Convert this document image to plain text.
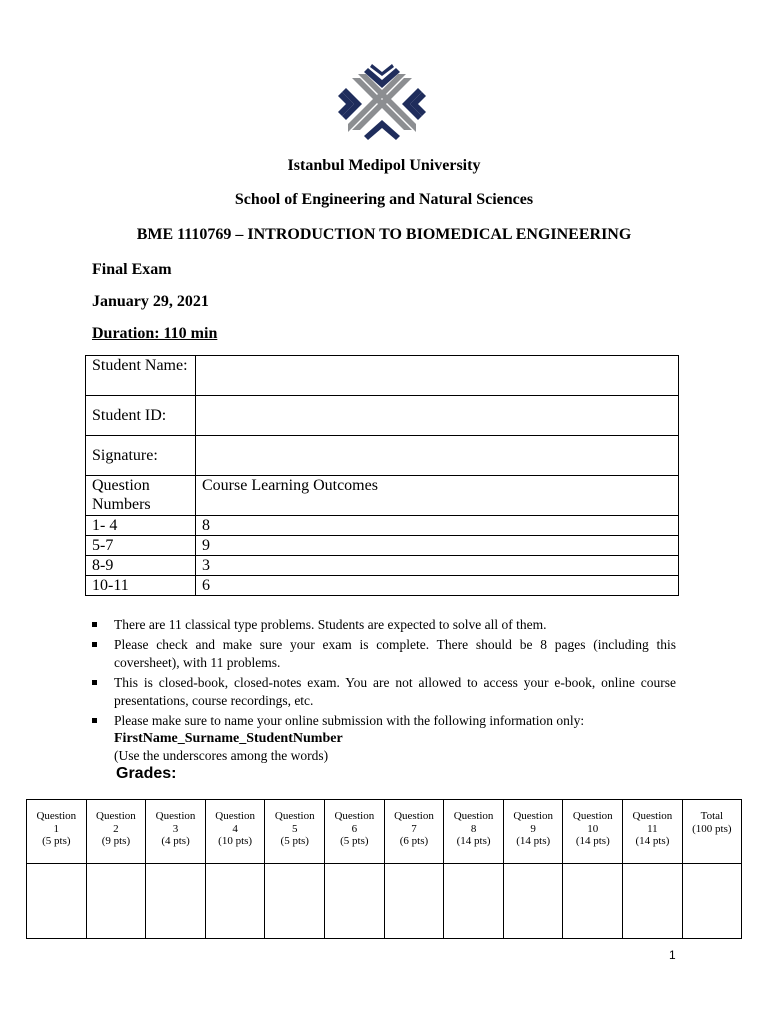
Istanbul Medipol University
School of Engineering and Natural Sciences
BME 1110769 – INTRODUCTION TO BIOMEDICAL ENGINEERING
Final Exam
January 29, 2021
Duration: 110 min
Student Name:	
Student ID:	
Signature:	
Question Numbers	Course Learning Outcomes
1- 4	8
5-7	9
8-9	3
10-11	6
There are 11 classical type problems. Students are expected to solve all of them.
Please check and make sure your exam is complete. There should be 8 pages (including this coversheet), with 11 problems.
This is closed-book, closed-notes exam. You are not allowed to access your e-book, online course presentations, course recordings, etc.
Please make sure to name your online submission with the following information only:
FirstName_Surname_StudentNumber
(Use the underscores among the words)
Grades:
Question
1
(5 pts)	Question
2
(9 pts)	Question
3
(4 pts)	Question
4
(10 pts)	Question
5
(5 pts)	Question
6
(5 pts)	Question
7
(6 pts)	Question
8
(14 pts)	Question
9
(14 pts)	Question
10
(14 pts)	Question
11
(14 pts)	Total
(100 pts)

1
